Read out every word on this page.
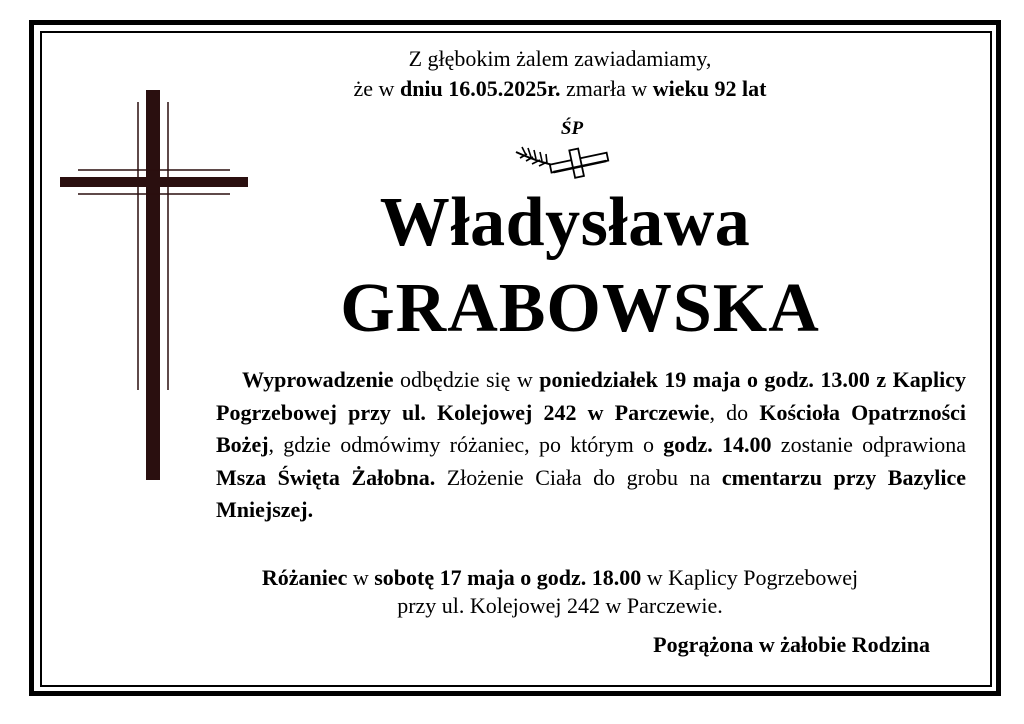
Z głębokim żalem zawiadamiamy,
że w dniu 16.05.2025r. zmarła w wieku 92 lat
ŚP
Władysława
GRABOWSKA
Wyprowadzenie odbędzie się w poniedziałek 19 maja o godz. 13.00 z Kaplicy Pogrzebowej przy ul. Kolejowej 242 w Parczewie, do Kościoła Opatrzności Bożej, gdzie odmówimy różaniec, po którym o godz. 14.00 zostanie odprawiona Msza Święta Żałobna. Złożenie Ciała do grobu na cmentarzu przy Bazylice Mniejszej.
Różaniec w sobotę 17 maja o godz. 18.00 w Kaplicy Pogrzebowej
przy ul. Kolejowej 242 w Parczewie.
Pogrążona w żałobie Rodzina
